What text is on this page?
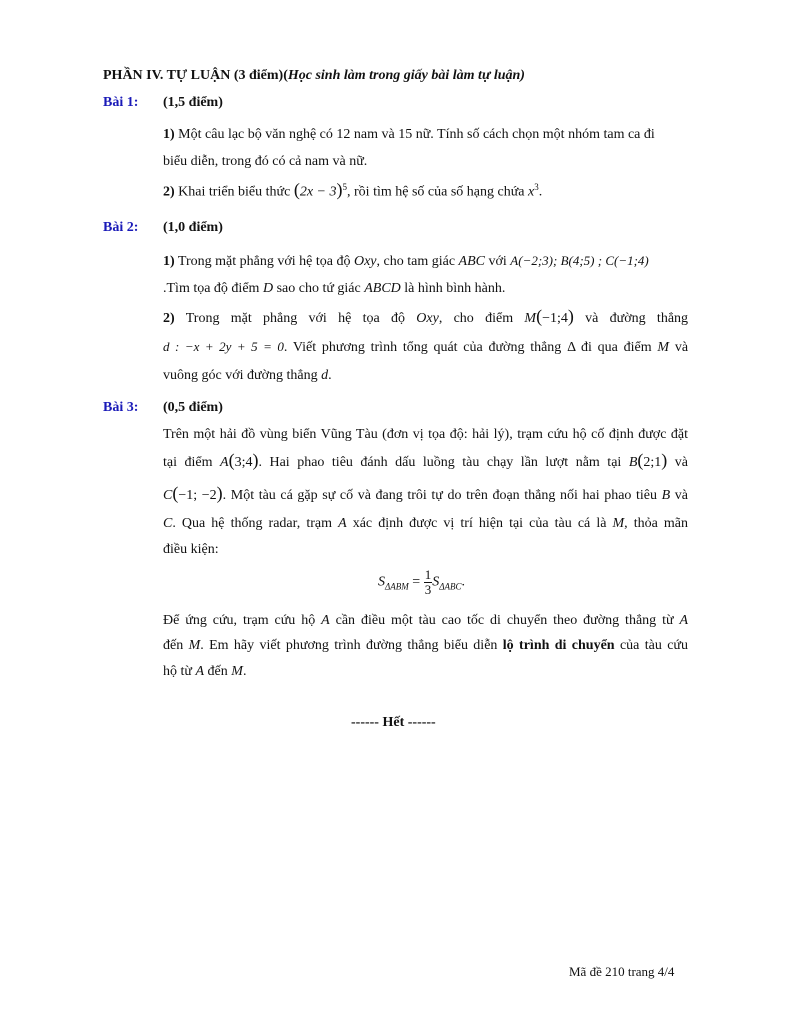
PHẦN IV. TỰ LUẬN (3 điểm)(Học sinh làm trong giấy bài làm tự luận)
Bài 1: (1,5 điểm)
1) Một câu lạc bộ văn nghệ có 12 nam và 15 nữ. Tính số cách chọn một nhóm tam ca đi
biểu diễn, trong đó có cả nam và nữ.
2) Khai triển biểu thức $(2x - 3)^5$, rồi tìm hệ số của số hạng chứa $x^3$.
Bài 2: (1,0 điểm)
1) Trong mặt phẳng với hệ tọa độ Oxy, cho tam giác ABC với A(−2;3); B(4;5) ; C(−1;4)
.Tìm tọa độ điểm D sao cho tứ giác ABCD là hình bình hành.
2) Trong mặt phẳng với hệ tọa độ Oxy, cho điểm M(−1;4) và đường thẳng
d : −x + 2y + 5 = 0. Viết phương trình tổng quát của đường thẳng Δ đi qua điểm M và
vuông góc với đường thẳng d.
Bài 3: (0,5 điểm)
Trên một hải đồ vùng biển Vũng Tàu (đơn vị tọa độ: hải lý), trạm cứu hộ cố định được đặt
tại điểm A(3;4). Hai phao tiêu đánh dấu luồng tàu chạy lần lượt nằm tại B(2;1) và
C(−1; −2). Một tàu cá gặp sự cố và đang trôi tự do trên đoạn thẳng nối hai phao tiêu B và
C. Qua hệ thống radar, trạm A xác định được vị trí hiện tại của tàu cá là M, thỏa mãn
điều kiện:
$S_{\Delta ABM} = \frac{1}{3} S_{\Delta ABC}$.
Để ứng cứu, trạm cứu hộ A cần điều một tàu cao tốc di chuyển theo đường thẳng từ A
đến M. Em hãy viết phương trình đường thẳng biểu diễn lộ trình di chuyển của tàu cứu
hộ từ A đến M.
------ Hết ------
Mã đề 210 trang 4/4
